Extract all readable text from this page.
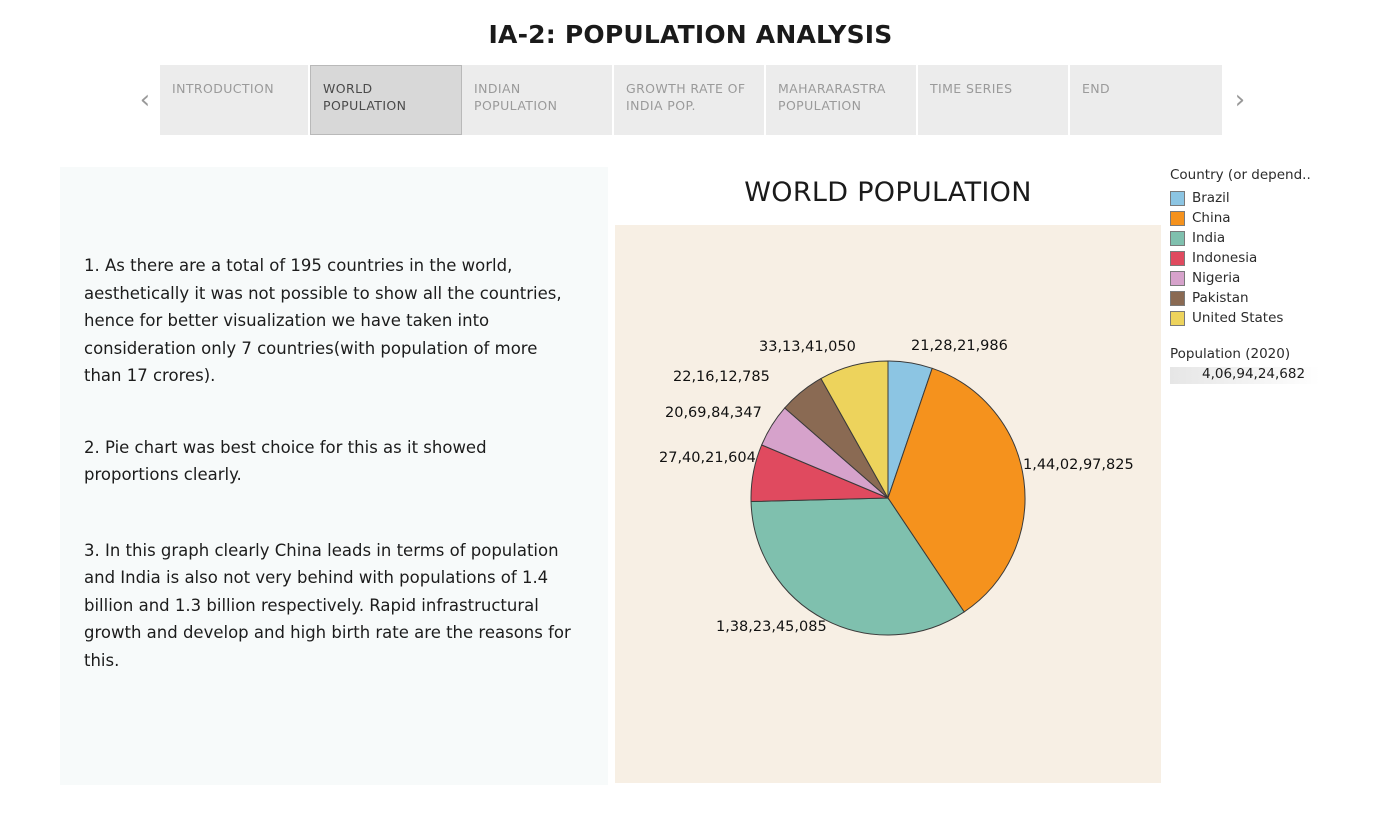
IA-2: POPULATION ANALYSIS
‹	INTRODUCTION	WORLD POPULATION
INDIAN POPULATION
GROWTH RATE OF INDIA POP.
MAHARARASTRA POPULATION
TIME SERIES	END	›

1. As there are a total of 195 countries in the world, aesthetically it was not possible to show all the countries, hence for better visualization we have taken into consideration only 7 countries(with population of more than 17 crores).

2. Pie chart was best choice for this as it showed proportions clearly.

3. In this graph clearly China leads in terms of population and India is also not very behind with populations of 1.4 billion and 1.3 billion respectively. Rapid infrastructural growth and develop and high birth rate are the reasons for this.

WORLD POPULATION
21,28,21,986
1,44,02,97,825
1,38,23,45,085
27,40,21,604
20,69,84,347
22,16,12,785
33,13,41,050
Country (or depend..
Brazil
China
India
Indonesia
Nigeria
Pakistan
United States
Population (2020)
4,06,94,24,682
